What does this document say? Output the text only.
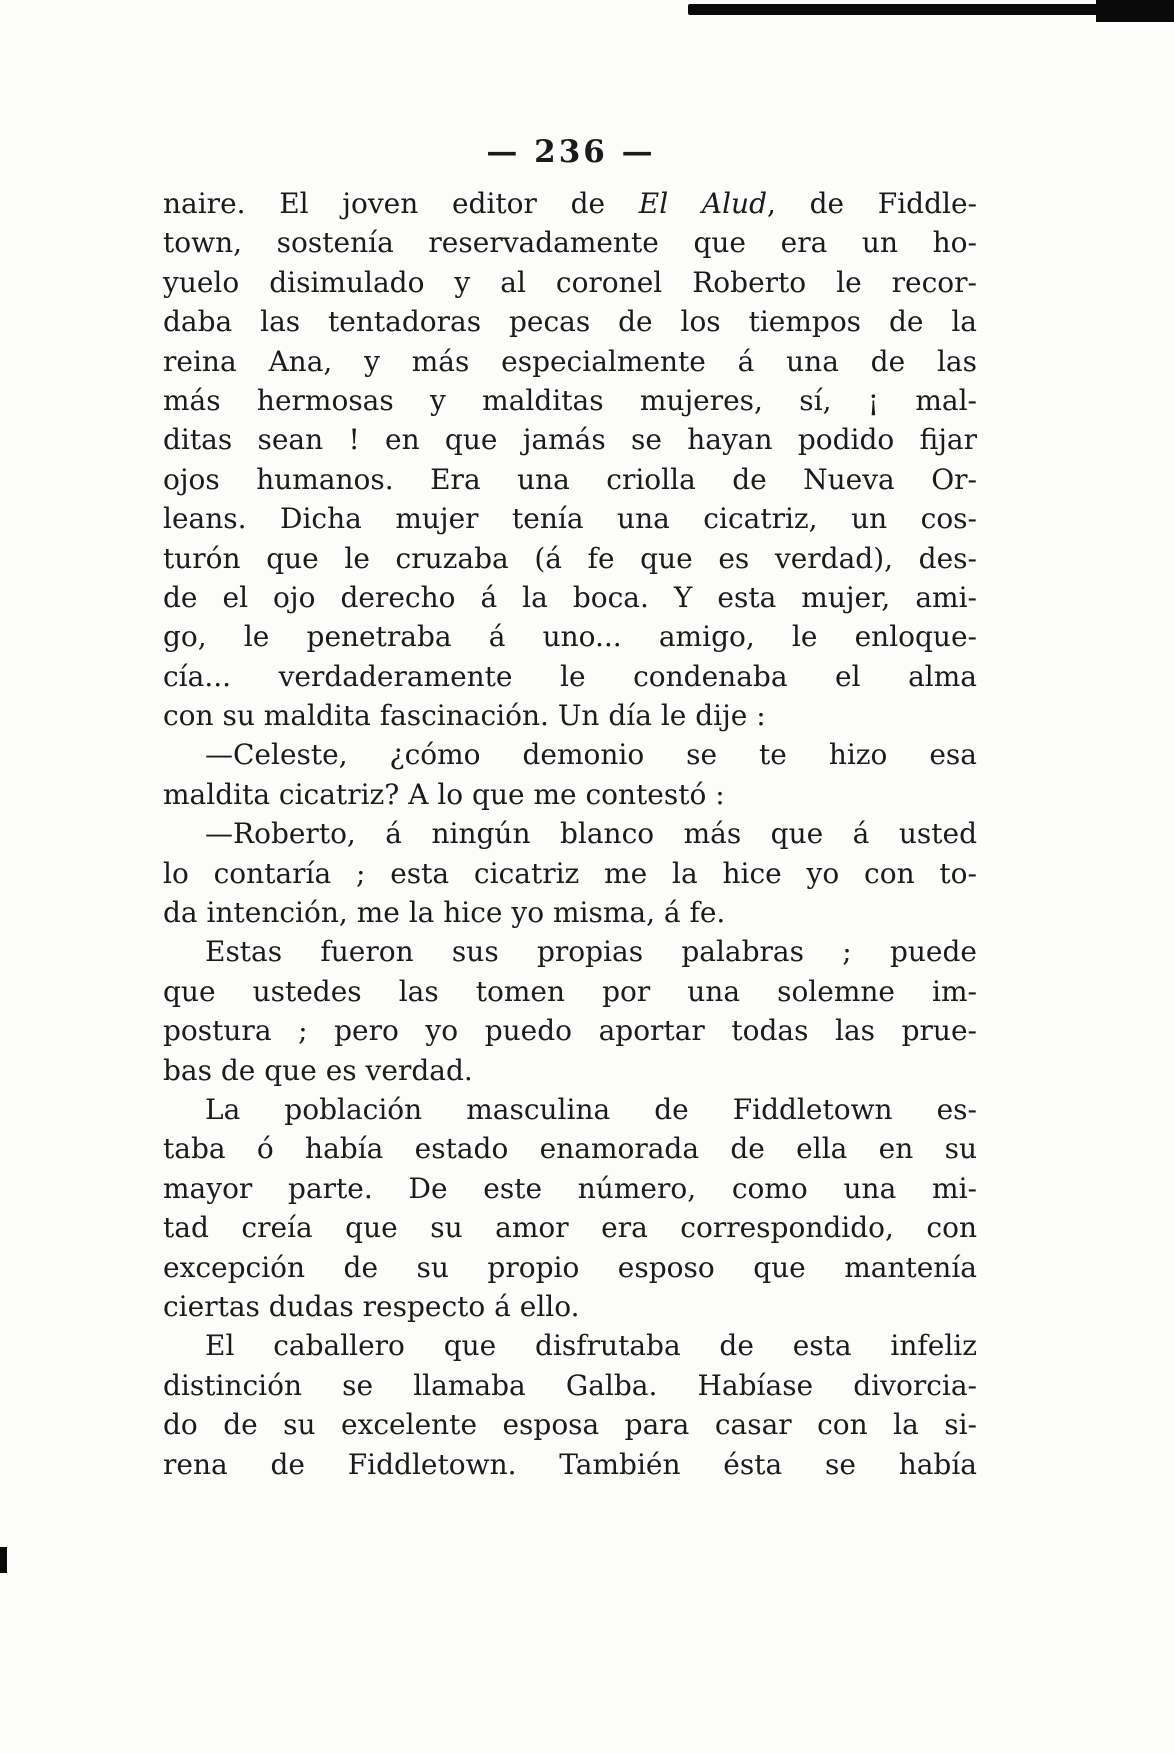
— 236 —
naire. El joven editor de El Alud, de Fiddle-
town, sostenía reservadamente que era un ho-
yuelo disimulado y al coronel Roberto le recor-
daba las tentadoras pecas de los tiempos de la
reina Ana, y más especialmente á una de las
más hermosas y malditas mujeres, sí, ¡ mal-
ditas sean ! en que jamás se hayan podido fijar
ojos humanos. Era una criolla de Nueva Or-
leans. Dicha mujer tenía una cicatriz, un cos-
turón que le cruzaba (á fe que es verdad), des-
de el ojo derecho á la boca. Y esta mujer, ami-
go, le penetraba á uno... amigo, le enloque-
cía... verdaderamente le condenaba el alma
con su maldita fascinación. Un día le dije :
—Celeste, ¿cómo demonio se te hizo esa
maldita cicatriz? A lo que me contestó :
—Roberto, á ningún blanco más que á usted
lo contaría ; esta cicatriz me la hice yo con to-
da intención, me la hice yo misma, á fe.
Estas fueron sus propias palabras ; puede
que ustedes las tomen por una solemne im-
postura ; pero yo puedo aportar todas las prue-
bas de que es verdad.
La población masculina de Fiddletown es-
taba ó había estado enamorada de ella en su
mayor parte. De este número, como una mi-
tad creía que su amor era correspondido, con
excepción de su propio esposo que mantenía
ciertas dudas respecto á ello.
El caballero que disfrutaba de esta infeliz
distinción se llamaba Galba. Habíase divorcia-
do de su excelente esposa para casar con la si-
rena de Fiddletown. También ésta se había
